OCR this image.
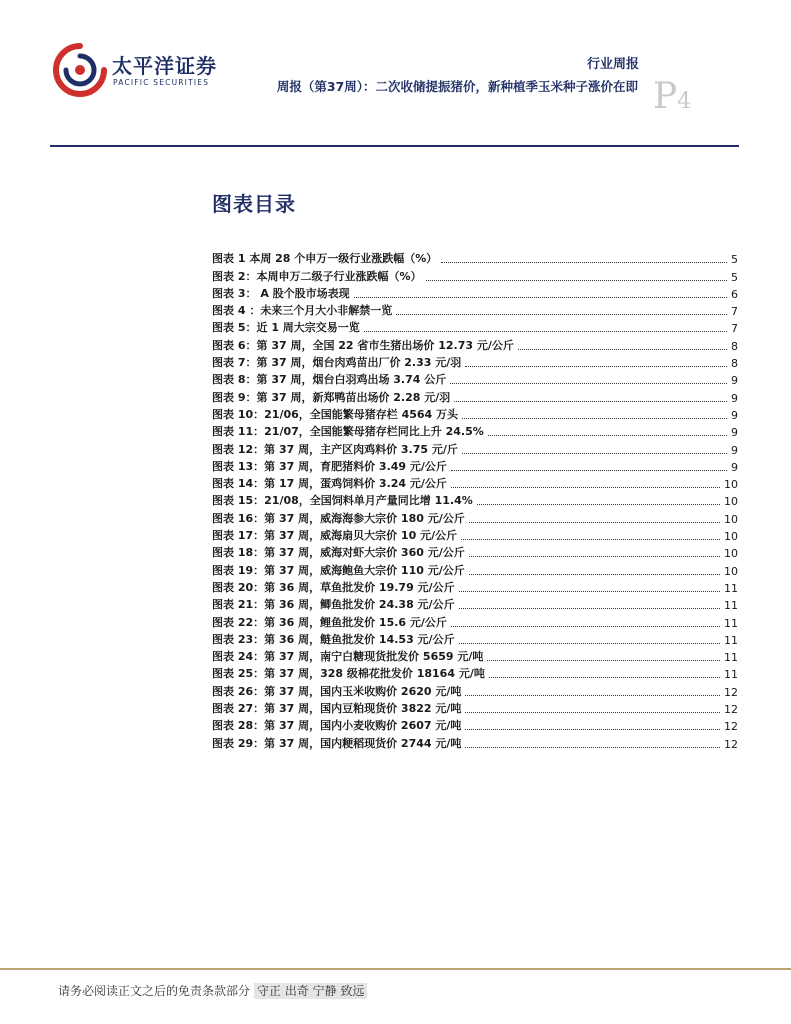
太平洋证券
PACIFIC SECURITIES
行业周报
周报（第37周）：二次收储提振猪价，新种植季玉米种子涨价在即 P4
图表目录
图表 1 本周 28 个申万一级行业涨跌幅（%）	5
图表 2：本周申万二级子行业涨跌幅（%）	5
图表 3： A 股个股市场表现	6
图表 4 ：未来三个月大小非解禁一览	7
图表 5：近 1 周大宗交易一览	7
图表 6：第 37 周，全国 22 省市生猪出场价 12.73 元/公斤	8
图表 7：第 37 周，烟台肉鸡苗出厂价 2.33 元/羽	8
图表 8：第 37 周，烟台白羽鸡出场 3.74 公斤	9
图表 9：第 37 周，新郑鸭苗出场价 2.28 元/羽	9
图表 10：21/06，全国能繁母猪存栏 4564 万头	9
图表 11：21/07，全国能繁母猪存栏同比上升 24.5%	9
图表 12：第 37 周，主产区肉鸡料价 3.75 元/斤	9
图表 13：第 37 周，育肥猪料价 3.49 元/公斤	9
图表 14：第 17 周，蛋鸡饲料价 3.24 元/公斤	10
图表 15：21/08，全国饲料单月产量同比增 11.4%	10
图表 16：第 37 周，威海海参大宗价 180 元/公斤	10
图表 17：第 37 周，威海扇贝大宗价 10 元/公斤	10
图表 18：第 37 周，威海对虾大宗价 360 元/公斤	10
图表 19：第 37 周，威海鲍鱼大宗价 110 元/公斤	10
图表 20：第 36 周，草鱼批发价 19.79 元/公斤	11
图表 21：第 36 周，鲫鱼批发价 24.38 元/公斤	11
图表 22：第 36 周，鲤鱼批发价 15.6 元/公斤	11
图表 23：第 36 周，鲢鱼批发价 14.53 元/公斤	11
图表 24：第 37 周，南宁白糖现货批发价 5659 元/吨	11
图表 25：第 37 周，328 级棉花批发价 18164 元/吨	11
图表 26：第 37 周，国内玉米收购价 2620 元/吨	12
图表 27：第 37 周，国内豆粕现货价 3822 元/吨	12
图表 28：第 37 周，国内小麦收购价 2607 元/吨	12
图表 29：第 37 周，国内粳稻现货价 2744 元/吨	12
请务必阅读正文之后的免责条款部分 守正 出奇 宁静 致远
